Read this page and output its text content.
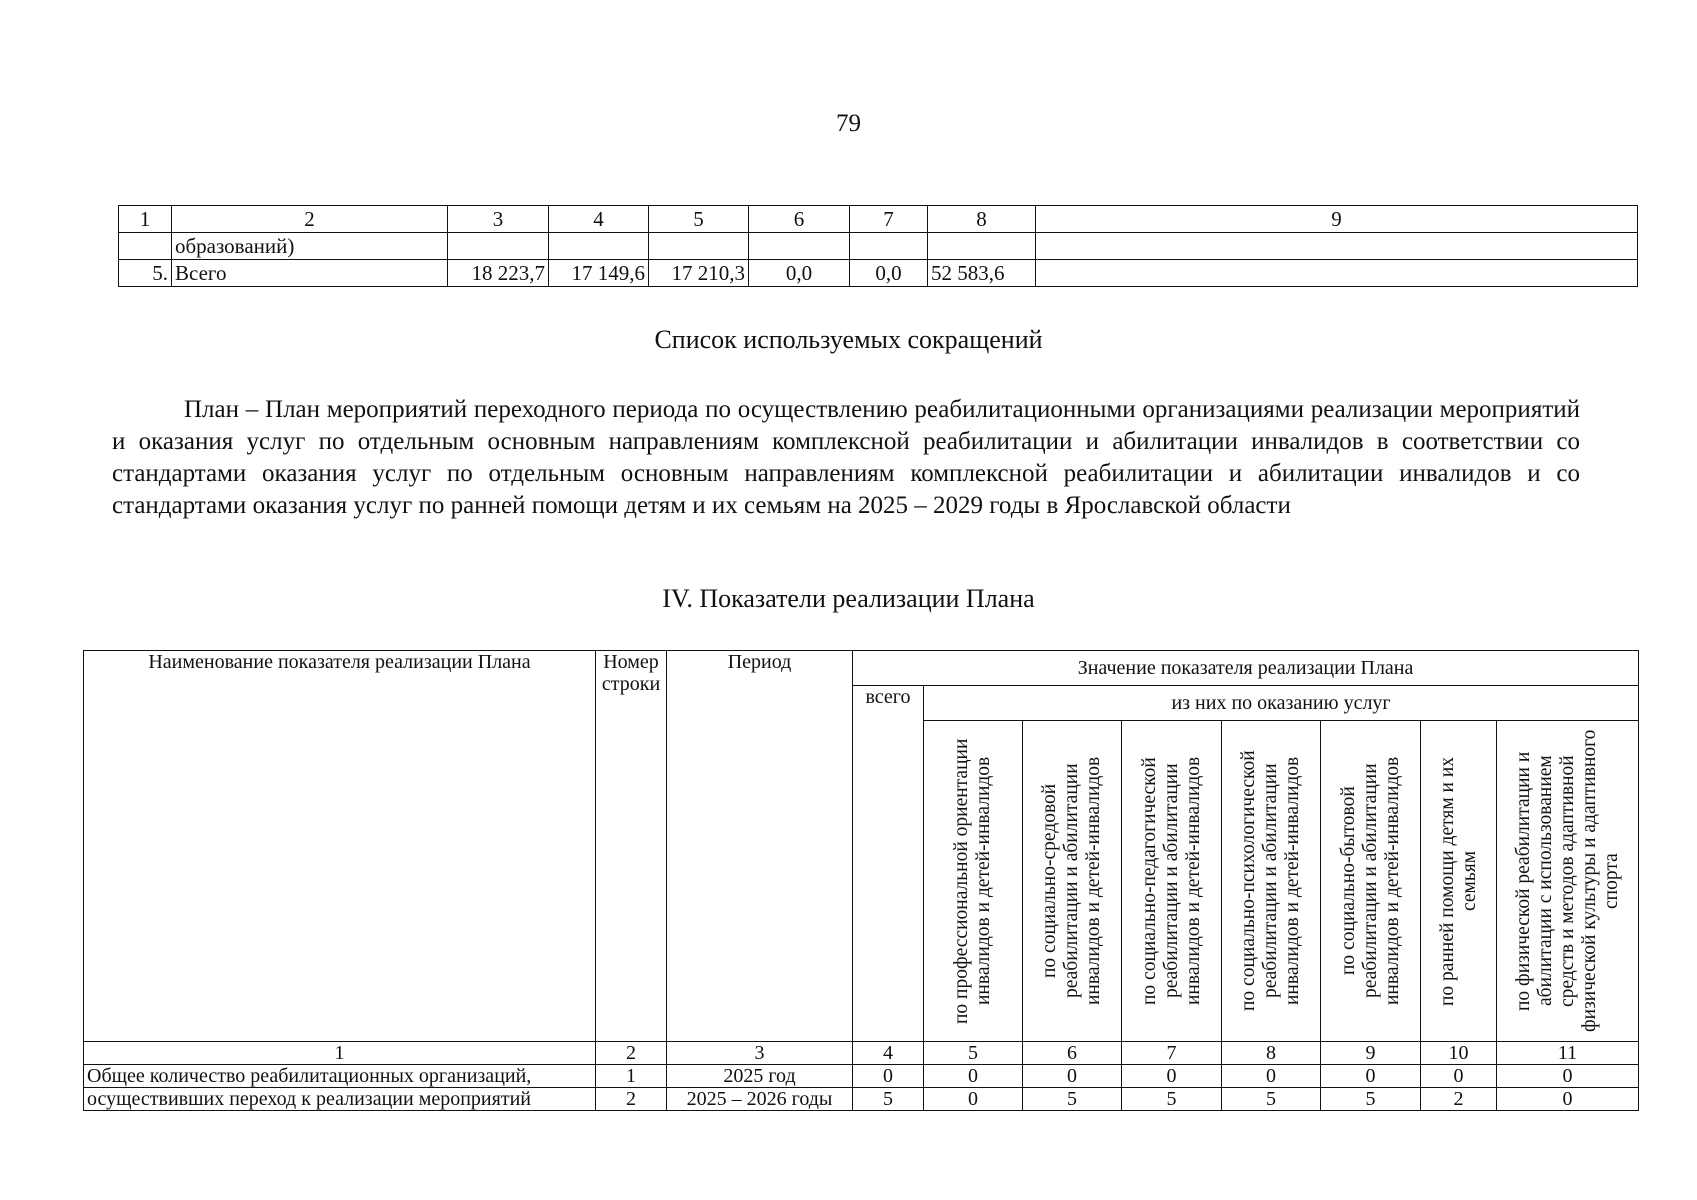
79
1	2	3	4	5	6	7	8	9
	образований)							
5.	Всего	18 223,7	17 149,6	17 210,3	0,0	0,0	52 583,6	
Список используемых сокращений

План – План мероприятий переходного периода по осуществлению реабилитационными организациями реализации мероприятий и оказания услуг по отдельным основным направлениям комплексной реабилитации и абилитации инвалидов в соответствии со стандартами оказания услуг по отдельным основным направлениям комплексной реабилитации и абилитации инвалидов и со стандартами оказания услуг по ранней помощи детям и их семьям на 2025 – 2029 годы в Ярославской области

IV. Показатели реализации Плана
Наименование показателя реализации Плана	Номер строки	Период	Значение показателя реализации Плана							
			всего	из них по оказанию услуг						

				по профессиональной ориентации инвалидов и детей-инвалидов	по социально-средовой реабилитации и абилитации инвалидов и детей-инвалидов	по социально-педагогической реабилитации и абилитации инвалидов и детей-инвалидов	по социально-психологической реабилитации и абилитации инвалидов и детей-инвалидов	по социально-бытовой реабилитации и абилитации инвалидов и детей-инвалидов	по ранней помощи детям и их семьям	по физической реабилитации и абилитации с использованием средств и методов адаптивной физической культуры и адаптивного спорта

1	2	3	4	5	6	7	8	9	10	11
Общее количество реабилитационных организаций,	1	2025 год	0	0	0	0	0	0	0	0
осуществивших переход к реализации мероприятий	2	2025 – 2026 годы	5	0	5	5	5	5	2	0
